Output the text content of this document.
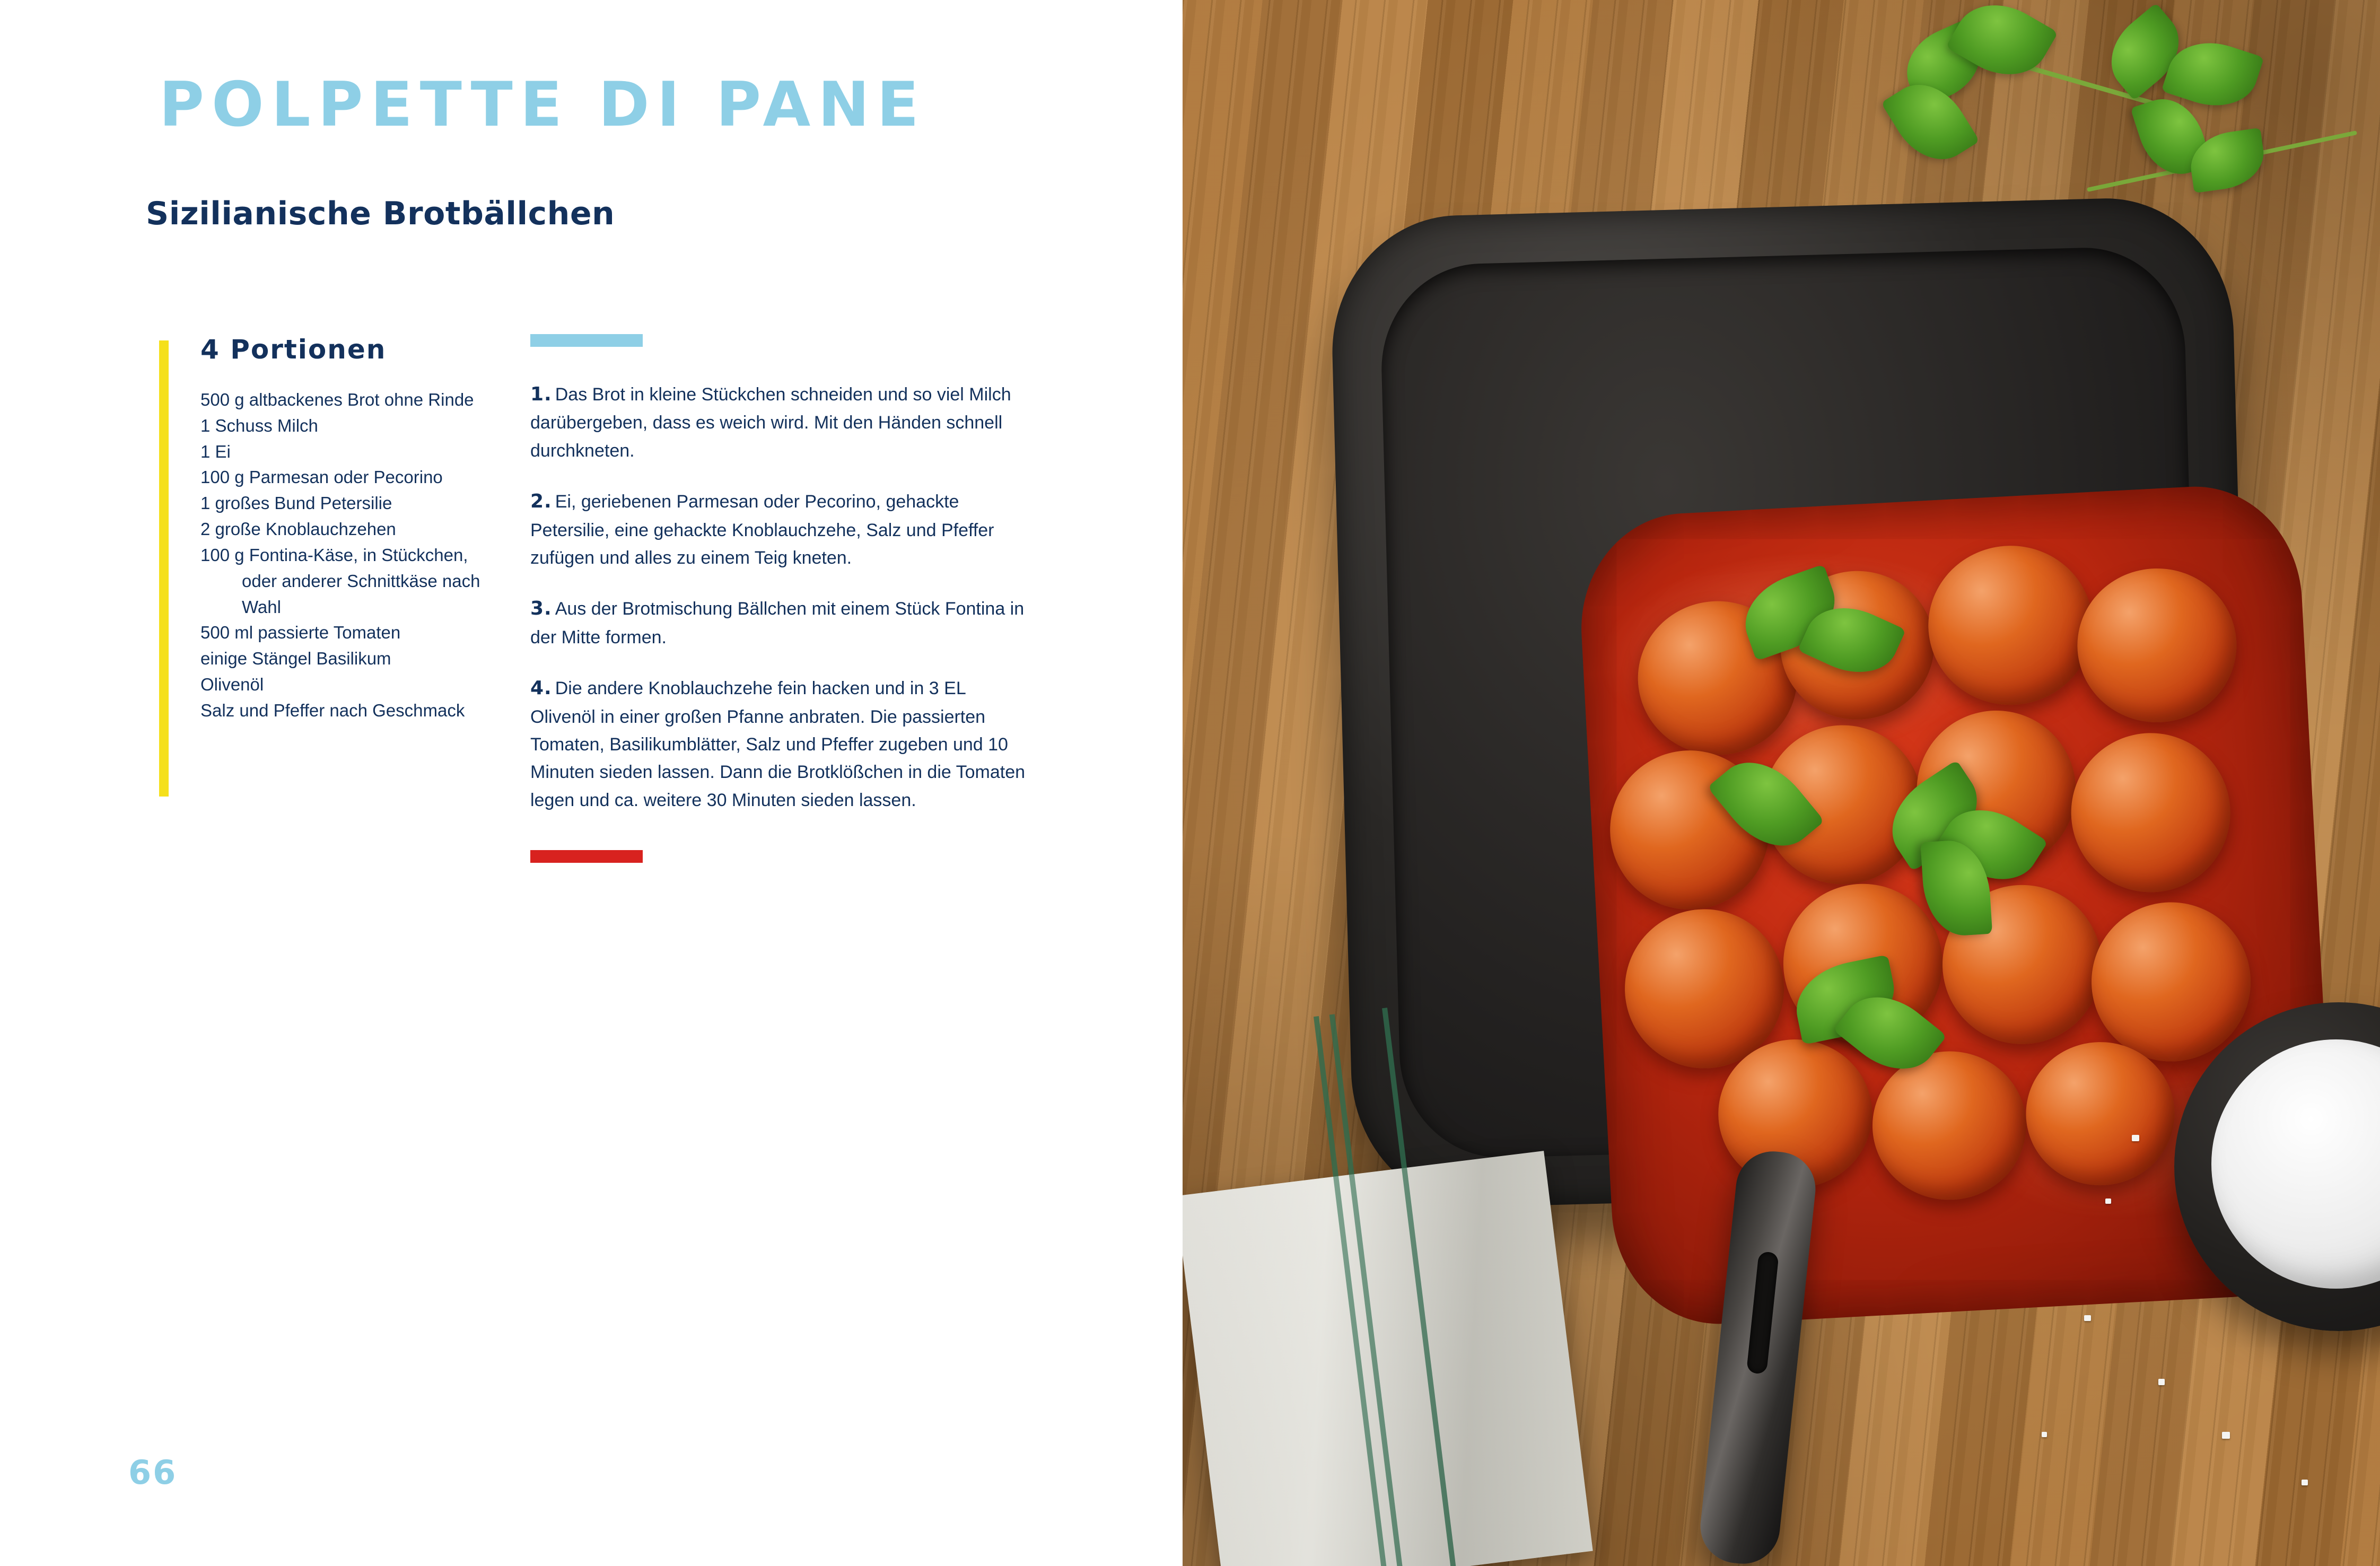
POLPETTE DI PANE
Sizilianische Brotbällchen
4 Portionen
500 g altbackenes Brot ohne Rinde
1 Schuss Milch
1 Ei
100 g Parmesan oder Pecorino
1 großes Bund Petersilie
2 große Knoblauchzehen
100 g Fontina-Käse, in Stückchen, oder anderer Schnittkäse nach Wahl
500 ml passierte Tomaten
einige Stängel Basilikum
Olivenöl
Salz und Pfeffer nach Geschmack

1. Das Brot in kleine Stückchen schneiden und so viel Milch darübergeben, dass es weich wird. Mit den Händen schnell durchkneten.

2. Ei, geriebenen Parmesan oder Pecorino, gehackte Petersilie, eine gehackte Knoblauchzehe, Salz und Pfeffer zufügen und alles zu einem Teig kneten.

3. Aus der Brotmischung Bällchen mit einem Stück Fontina in der Mitte formen.

4. Die andere Knoblauchzehe fein hacken und in 3 EL Olivenöl in einer großen Pfanne anbraten. Die passierten Tomaten, Basilikumblätter, Salz und Pfeffer zugeben und 10 Minuten sieden lassen. Dann die Brotklößchen in die Tomaten legen und ca. weitere 30 Minuten sieden lassen.

66
